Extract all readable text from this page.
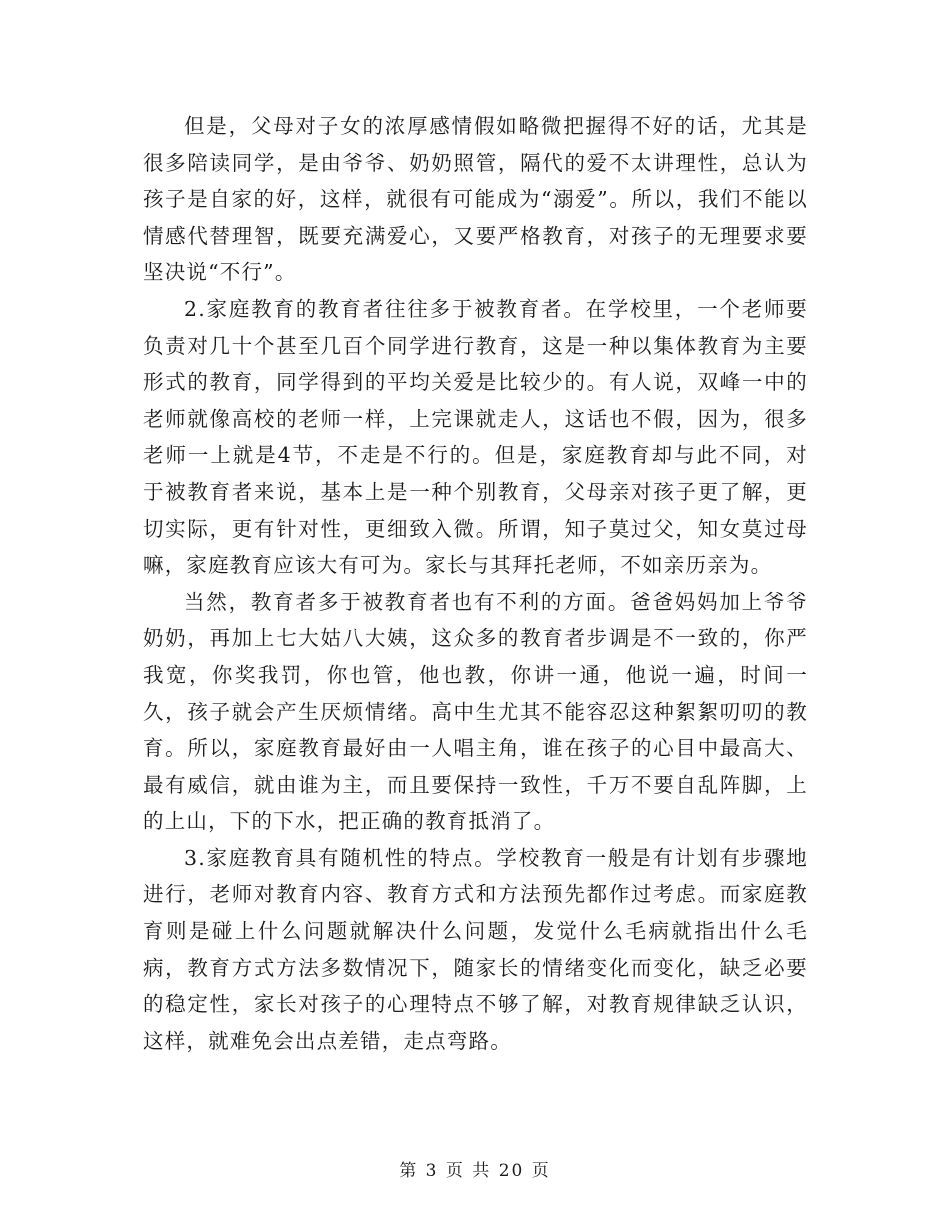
但是，父母对子女的浓厚感情假如略微把握得不好的话，尤其是很多陪读同学，是由爷爷、奶奶照管，隔代的爱不太讲理性，总认为孩子是自家的好，这样，就很有可能成为“溺爱”。所以，我们不能以情感代替理智，既要充满爱心，又要严格教育，对孩子的无理要求要坚决说“不行”。

2.家庭教育的教育者往往多于被教育者。在学校里，一个老师要负责对几十个甚至几百个同学进行教育，这是一种以集体教育为主要形式的教育，同学得到的平均关爱是比较少的。有人说，双峰一中的老师就像高校的老师一样，上完课就走人，这话也不假，因为，很多老师一上就是4节，不走是不行的。但是，家庭教育却与此不同，对于被教育者来说，基本上是一种个别教育，父母亲对孩子更了解，更切实际，更有针对性，更细致入微。所谓，知子莫过父，知女莫过母嘛，家庭教育应该大有可为。家长与其拜托老师，不如亲历亲为。

当然，教育者多于被教育者也有不利的方面。爸爸妈妈加上爷爷奶奶，再加上七大姑八大姨，这众多的教育者步调是不一致的，你严我宽，你奖我罚，你也管，他也教，你讲一通，他说一遍，时间一久，孩子就会产生厌烦情绪。高中生尤其不能容忍这种絮絮叨叨的教育。所以，家庭教育最好由一人唱主角，谁在孩子的心目中最高大、最有威信，就由谁为主，而且要保持一致性，千万不要自乱阵脚，上的上山，下的下水，把正确的教育抵消了。

3.家庭教育具有随机性的特点。学校教育一般是有计划有步骤地进行，老师对教育内容、教育方式和方法预先都作过考虑。而家庭教育则是碰上什么问题就解决什么问题，发觉什么毛病就指出什么毛病，教育方式方法多数情况下，随家长的情绪变化而变化，缺乏必要的稳定性，家长对孩子的心理特点不够了解，对教育规律缺乏认识，这样，就难免会出点差错，走点弯路。

第 3 页 共 20 页
